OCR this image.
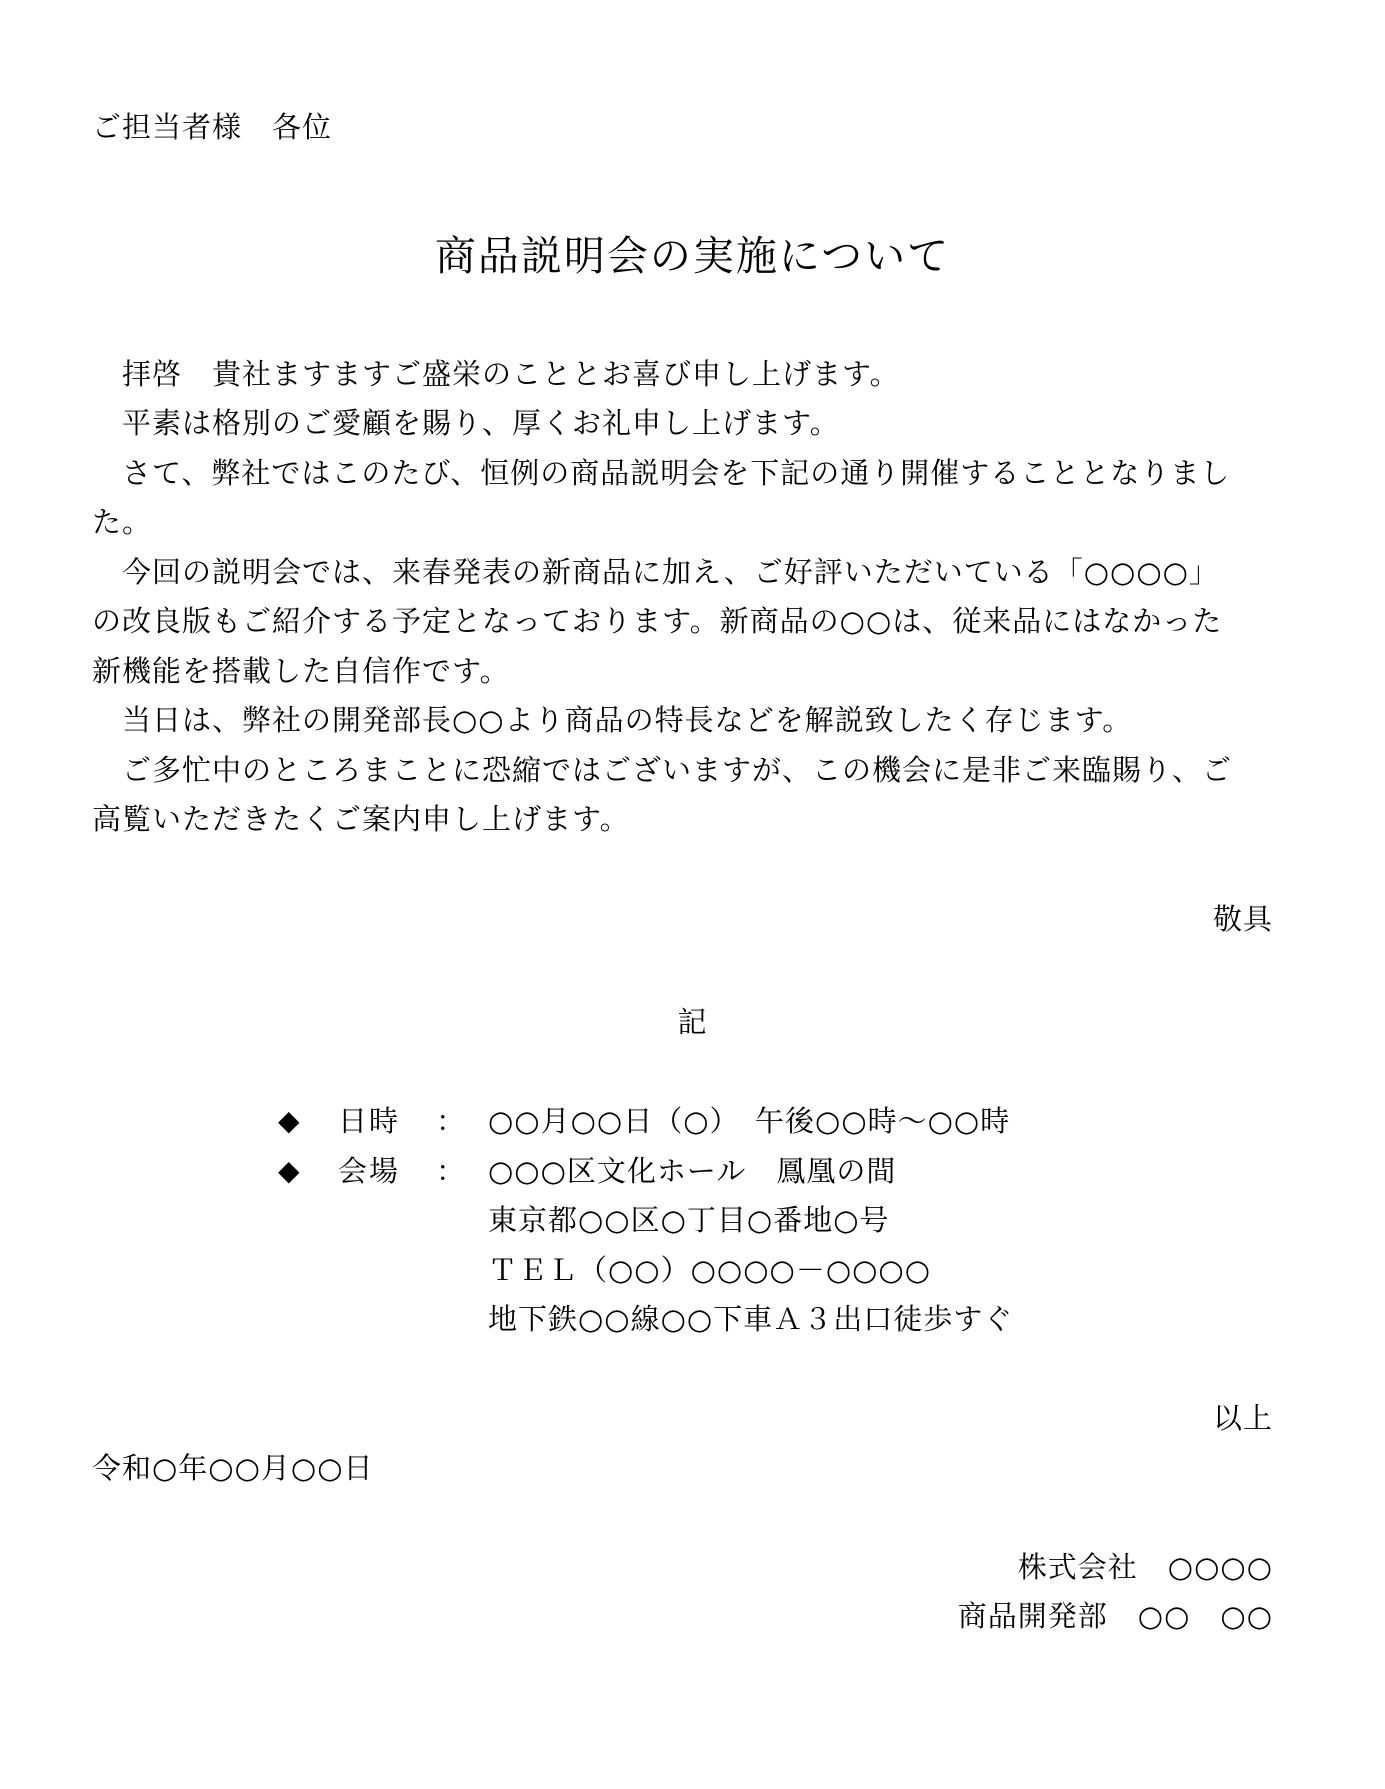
ご担当者様　各位
商品説明会の実施について
拝啓　貴社ますますご盛栄のこととお喜び申し上げます。
平素は格別のご愛顧を賜り、厚くお礼申し上げます。
さて、弊社ではこのたび、恒例の商品説明会を下記の通り開催することとなりまし
た。
今回の説明会では、来春発表の新商品に加え、ご好評いただいている「○○○○」
の改良版もご紹介する予定となっております。新商品の○○は、従来品にはなかった
新機能を搭載した自信作です。
当日は、弊社の開発部長○○より商品の特長などを解説致したく存じます。
ご多忙中のところまことに恐縮ではございますが、この機会に是非ご来臨賜り、ご
高覧いただきたくご案内申し上げます。
敬具
記
◆ 日時 ： ○○月○○日（○）　午後○○時～○○時
◆ 会場 ： ○○○区文化ホール　鳳凰の間
東京都○○区○丁目○番地○号
ＴＥＬ（○○）○○○○－○○○○
地下鉄○○線○○下車Ａ３出口徒歩すぐ
以上
令和○年○○月○○日
株式会社　○○○○
商品開発部　○○　○○
